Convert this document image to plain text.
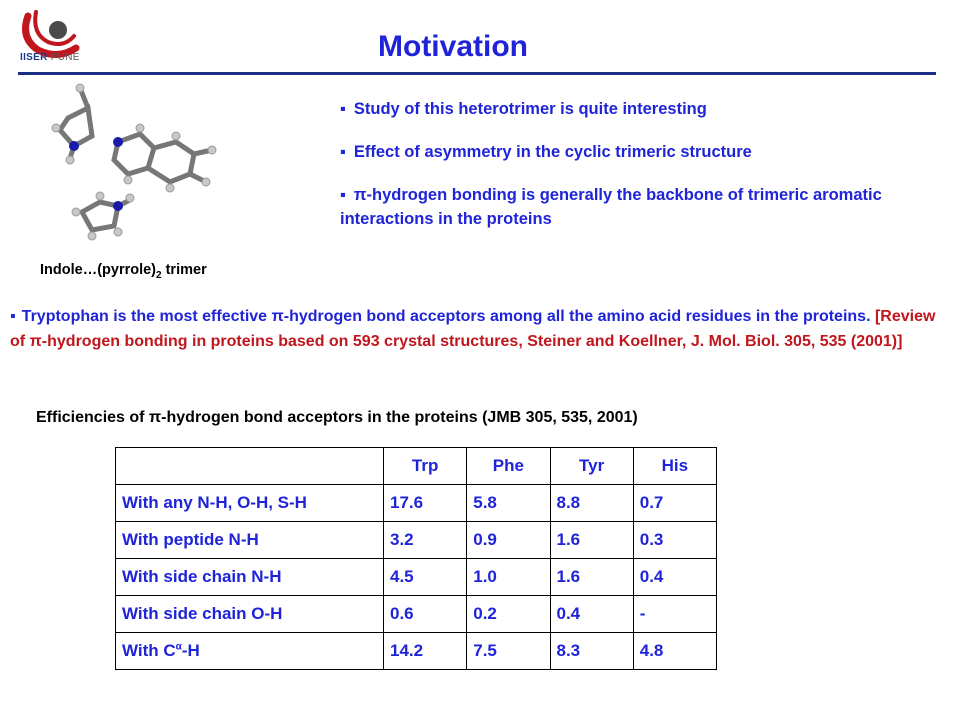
IISER PUNE	Motivation
$Indole\dots(pyrrole)_2$ trimer
▪ Study of this heterotrimer is quite interesting
▪ Effect of asymmetry in the cyclic trimeric structure
▪ π-hydrogen bonding is generally the backbone of trimeric aromatic interactions in the proteins
▪ Tryptophan is the most effective π-hydrogen bond acceptors among all the amino acid residues in the proteins. [Review of π-hydrogen bonding in proteins based on 593 crystal structures, Steiner and Koellner, J. Mol. Biol. 305, 535 (2001)]
Efficiencies of π-hydrogen bond acceptors in the proteins (JMB 305, 535, 2001)
	Trp	Phe	Tyr	His
With any N-H, O-H, S-H	17.6	5.8	8.8	0.7
With peptide N-H	3.2	0.9	1.6	0.3
With side chain N-H	4.5	1.0	1.6	0.4
With side chain O-H	0.6	0.2	0.4	-
With $C^\alpha-H$	14.2	7.5	8.3	4.8
